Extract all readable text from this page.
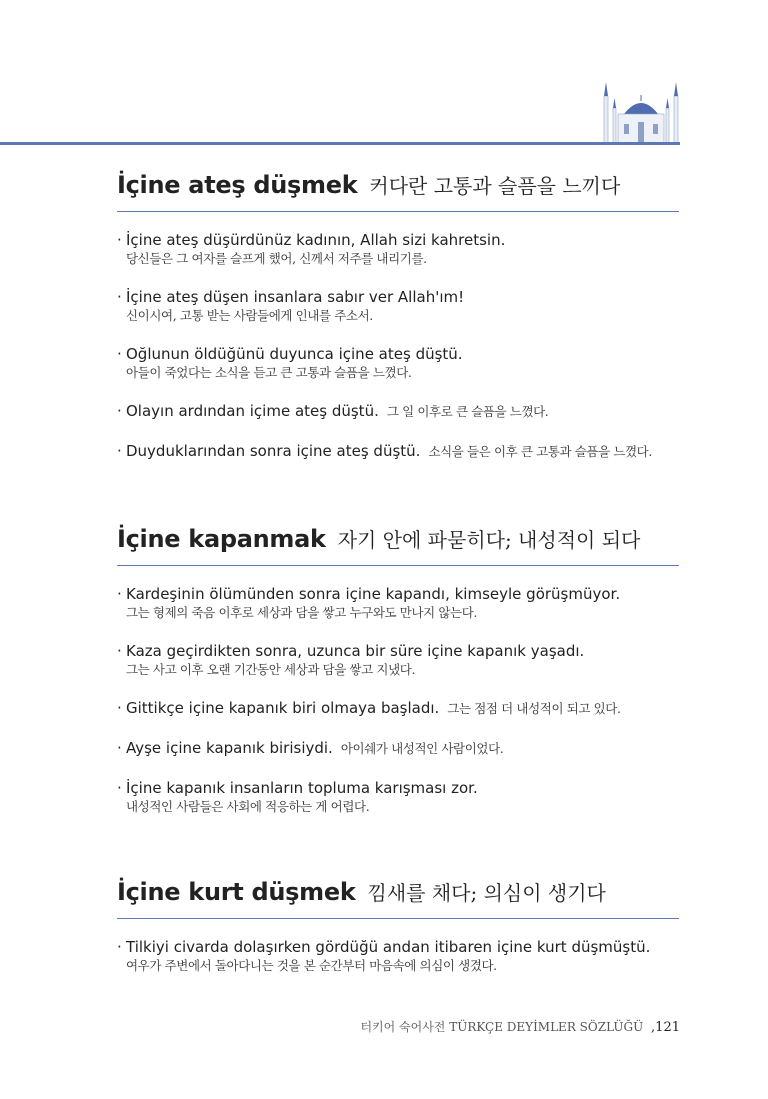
İçine ateş düşmek 커다란 고통과 슬픔을 느끼다
· İçine ateş düşürdünüz kadının, Allah sizi kahretsin.
당신들은 그 여자를 슬프게 했어, 신께서 저주를 내리기를.
· İçine ateş düşen insanlara sabır ver Allah'ım!
신이시여, 고통 받는 사람들에게 인내를 주소서.
· Oğlunun öldüğünü duyunca içine ateş düştü.
아들이 죽었다는 소식을 듣고 큰 고통과 슬픔을 느꼈다.
· Olayın ardından içime ateş düştü. 그 일 이후로 큰 슬픔을 느꼈다.
· Duyduklarından sonra içine ateş düştü. 소식을 들은 이후 큰 고통과 슬픔을 느꼈다.
İçine kapanmak 자기 안에 파묻히다; 내성적이 되다
· Kardeşinin ölümünden sonra içine kapandı, kimseyle görüşmüyor.
그는 형제의 죽음 이후로 세상과 담을 쌓고 누구와도 만나지 않는다.
· Kaza geçirdikten sonra, uzunca bir süre içine kapanık yaşadı.
그는 사고 이후 오랜 기간동안 세상과 담을 쌓고 지냈다.
· Gittikçe içine kapanık biri olmaya başladı. 그는 점점 더 내성적이 되고 있다.
· Ayşe içine kapanık birisiydi. 아이쉐가 내성적인 사람이었다.
· İçine kapanık insanların topluma karışması zor.
내성적인 사람들은 사회에 적응하는 게 어렵다.
İçine kurt düşmek 낌새를 채다; 의심이 생기다
· Tilkiyi civarda dolaşırken gördüğü andan itibaren içine kurt düşmüştü.
여우가 주변에서 돌아다니는 것을 본 순간부터 마음속에 의심이 생겼다.
터키어 숙어사전 TÜRKÇE DEYİMLER SÖZLÜĞÜ ,121
